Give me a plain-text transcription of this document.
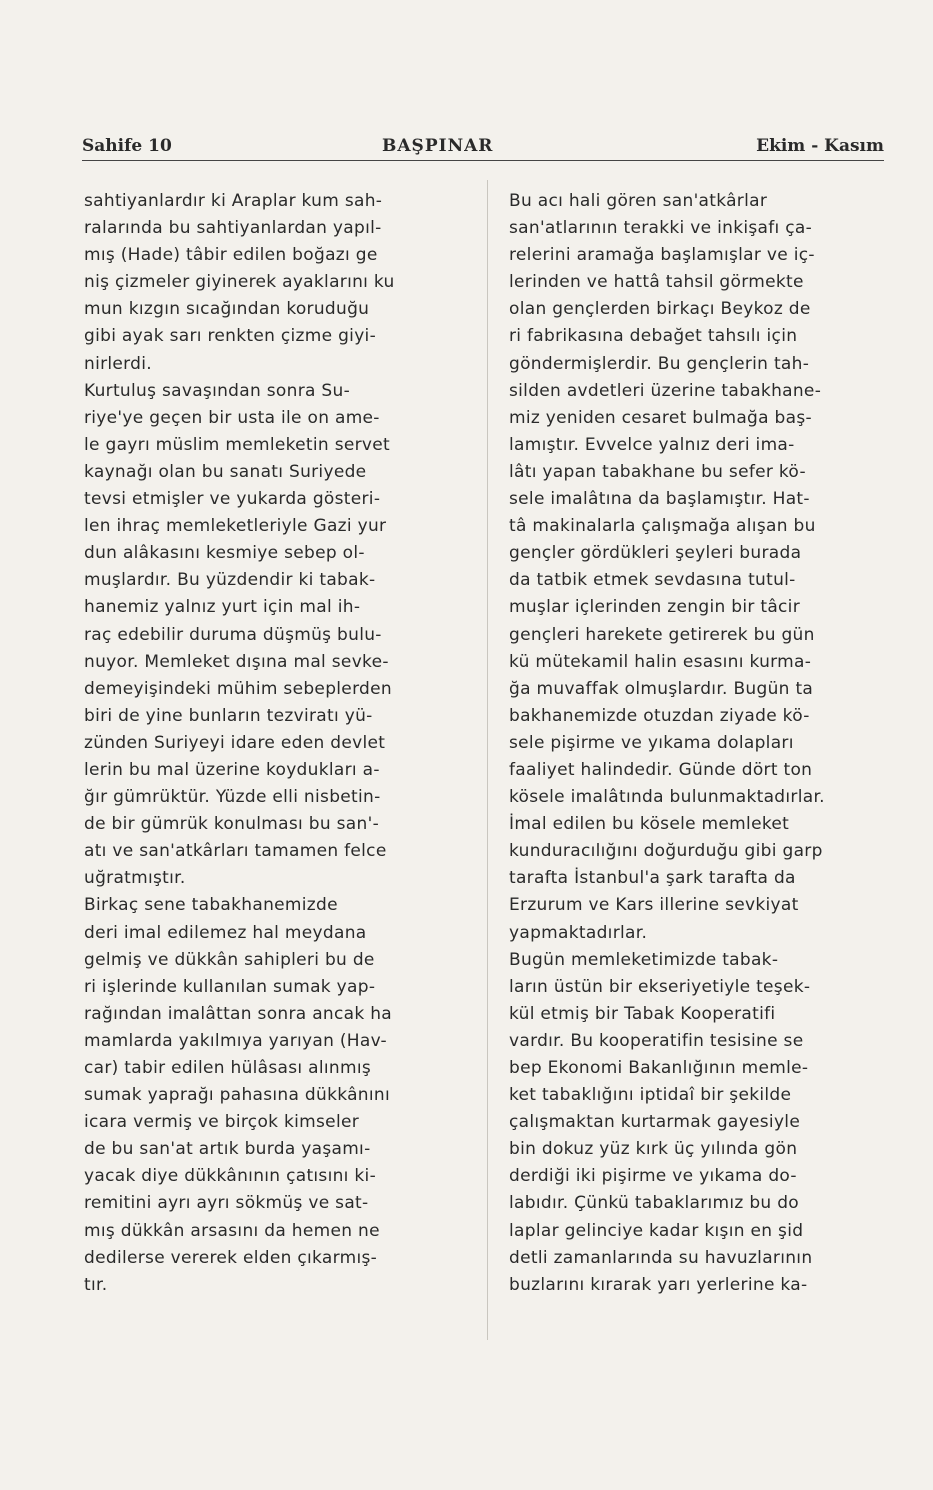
Sahife 10	BAŞPINAR	Ekim - Kasım
sahtiyanlardır ki Araplar kum sah-
ralarında bu sahtiyanlardan yapıl-
mış (Hade) tâbir edilen boğazı ge
niş çizmeler giyinerek ayaklarını ku
mun kızgın sıcağından koruduğu
gibi ayak sarı renkten çizme giyi-
nirlerdi.
Kurtuluş savaşından sonra Su-
riye'ye geçen bir usta ile on ame-
le gayrı müslim memleketin servet
kaynağı olan bu sanatı Suriyede
tevsi etmişler ve yukarda gösteri-
len ihraç memleketleriyle Gazi yur
dun alâkasını kesmiye sebep ol-
muşlardır. Bu yüzdendir ki tabak-
hanemiz yalnız yurt için mal ih-
raç edebilir duruma düşmüş bulu-
nuyor. Memleket dışına mal sevke-
demeyişindeki mühim sebeplerden
biri de yine bunların tezviratı yü-
zünden Suriyeyi idare eden devlet
lerin bu mal üzerine koydukları a-
ğır gümrüktür. Yüzde elli nisbetin-
de bir gümrük konulması bu san'-
atı ve san'atkârları tamamen felce
uğratmıştır.
Birkaç sene tabakhanemizde
deri imal edilemez hal meydana
gelmiş ve dükkân sahipleri bu de
ri işlerinde kullanılan sumak yap-
rağından imalâttan sonra ancak ha
mamlarda yakılmıya yarıyan (Hav-
car) tabir edilen hülâsası alınmış
sumak yaprağı pahasına dükkânını
icara vermiş ve birçok kimseler
de bu san'at artık burda yaşamı-
yacak diye dükkânının çatısını ki-
remitini ayrı ayrı sökmüş ve sat-
mış dükkân arsasını da hemen ne
dedilerse vererek elden çıkarmış-
tır.
Bu acı hali gören san'atkârlar
san'atlarının terakki ve inkişafı ça-
relerini aramağa başlamışlar ve iç-
lerinden ve hattâ tahsil görmekte
olan gençlerden birkaçı Beykoz de
ri fabrikasına debağet tahsılı için
göndermişlerdir. Bu gençlerin tah-
silden avdetleri üzerine tabakhane-
miz yeniden cesaret bulmağa baş-
lamıştır. Evvelce yalnız deri ima-
lâtı yapan tabakhane bu sefer kö-
sele imalâtına da başlamıştır. Hat-
tâ makinalarla çalışmağa alışan bu
gençler gördükleri şeyleri burada
da tatbik etmek sevdasına tutul-
muşlar içlerinden zengin bir tâcir
gençleri harekete getirerek bu gün
kü mütekamil halin esasını kurma-
ğa muvaffak olmuşlardır. Bugün ta
bakhanemizde otuzdan ziyade kö-
sele pişirme ve yıkama dolapları
faaliyet halindedir. Günde dört ton
kösele imalâtında bulunmaktadırlar.
İmal edilen bu kösele memleket
kunduracılığını doğurduğu gibi garp
tarafta İstanbul'a şark tarafta da
Erzurum ve Kars illerine sevkiyat
yapmaktadırlar.
Bugün memleketimizde tabak-
ların üstün bir ekseriyetiyle teşek-
kül etmiş bir Tabak Kooperatifi
vardır. Bu kooperatifin tesisine se
bep Ekonomi Bakanlığının memle-
ket tabaklığını iptidaî bir şekilde
çalışmaktan kurtarmak gayesiyle
bin dokuz yüz kırk üç yılında gön
derdiği iki pişirme ve yıkama do-
labıdır. Çünkü tabaklarımız bu do
laplar gelinciye kadar kışın en şid
detli zamanlarında su havuzlarının
buzlarını kırarak yarı yerlerine ka-
